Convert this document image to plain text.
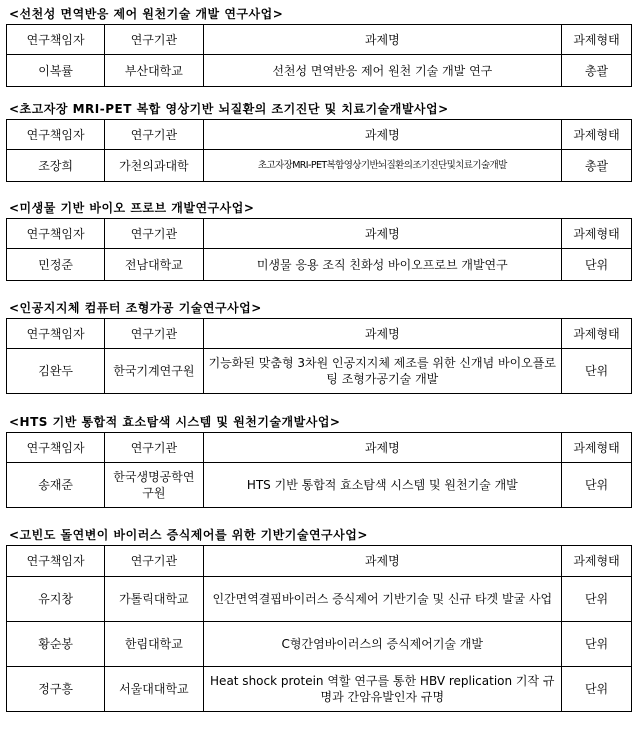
<선천성 면역반응 제어 원천기술 개발 연구사업>
연구책임자	연구기관	과제명	과제형태
이복률	부산대학교	선천성 면역반응 제어 원천 기술 개발 연구	총괄
<초고자장 MRI-PET 복합 영상기반 뇌질환의 조기진단 및 치료기술개발사업>
연구책임자	연구기관	과제명	과제형태
조장희	가천의과대학	초고자장MRI-PET복합영상기반뇌질환의조기진단및치료기술개발	총괄
<미생물 기반 바이오 프로브 개발연구사업>
연구책임자	연구기관	과제명	과제형태
민정준	전남대학교	미생물 응용 조직 친화성 바이오프로브 개발연구	단위
<인공지지체 컴퓨터 조형가공 기술연구사업>
연구책임자	연구기관	과제명	과제형태
김완두	한국기계연구원	기능화된 맞춤형 3차원 인공지지체 제조를 위한 신개념 바이오플로팅 조형가공기술 개발	단위
<HTS 기반 통합적 효소탐색 시스템 및 원천기술개발사업>
연구책임자	연구기관	과제명	과제형태
송재준	한국생명공학연구원	HTS 기반 통합적 효소탐색 시스템 및 원천기술 개발	단위
<고빈도 돌연변이 바이러스 증식제어를 위한 기반기술연구사업>
연구책임자	연구기관	과제명	과제형태
유지창	가톨릭대학교	인간면역결핍바이러스 증식제어 기반기술 및 신규 타겟 발굴 사업	단위
황순봉	한림대학교	C형간염바이러스의 증식제어기술 개발	단위
정구흥	서울대대학교	Heat shock protein 역할 연구를 통한 HBV replication 기작 규명과 간암유발인자 규명	단위
